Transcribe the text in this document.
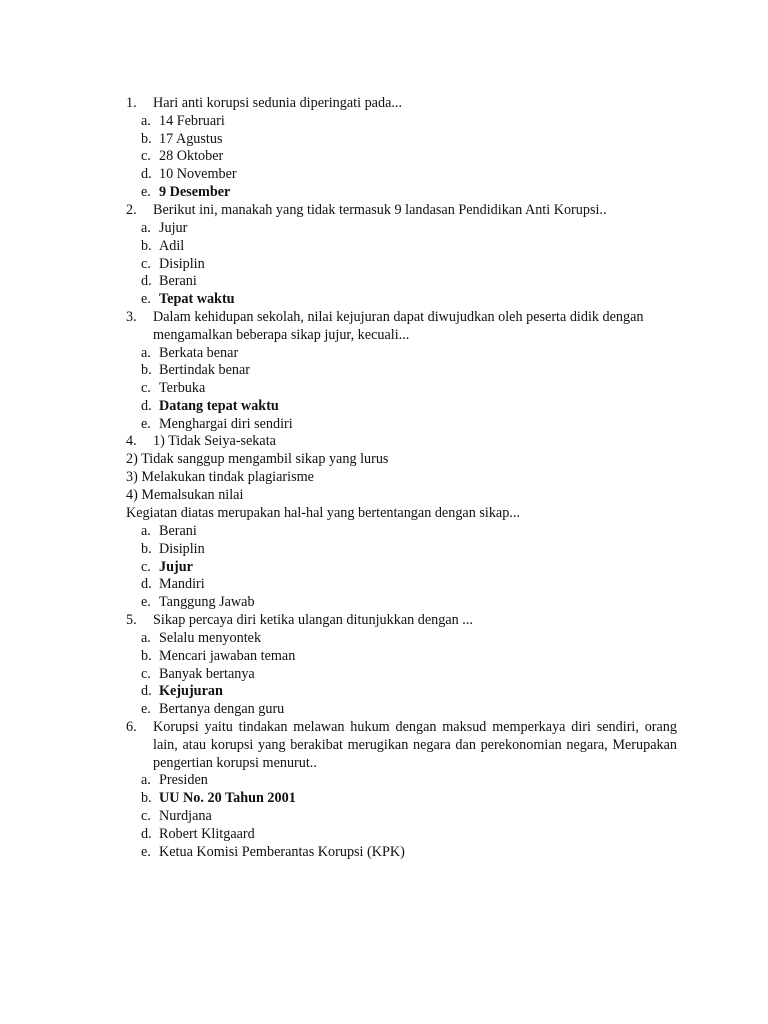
1.	Hari anti korupsi sedunia diperingati pada...
a. 14 Februari
b. 17 Agustus
c. 28 Oktober
d. 10 November
e. 9 Desember
2.	Berikut ini, manakah yang tidak termasuk 9 landasan Pendidikan Anti Korupsi..
a. Jujur
b. Adil
c. Disiplin
d. Berani
e. Tepat waktu
3.	Dalam kehidupan sekolah, nilai kejujuran dapat diwujudkan oleh peserta didik dengan
mengamalkan beberapa sikap jujur, kecuali...
a. Berkata benar
b. Bertindak benar
c. Terbuka
d. Datang tepat waktu
e. Menghargai diri sendiri
4.	1) Tidak Seiya-sekata
2) Tidak sanggup mengambil sikap yang lurus
3) Melakukan tindak plagiarisme
4) Memalsukan nilai
Kegiatan diatas merupakan hal-hal yang bertentangan dengan sikap...
a. Berani
b. Disiplin
c. Jujur
d. Mandiri
e. Tanggung Jawab
5.	Sikap percaya diri ketika ulangan ditunjukkan dengan ...
a. Selalu menyontek
b. Mencari jawaban teman
c. Banyak bertanya
d. Kejujuran
e. Bertanya dengan guru
6.	Korupsi yaitu tindakan melawan hukum dengan maksud memperkaya diri sendiri, orang lain, atau korupsi yang berakibat merugikan negara dan perekonomian negara, Merupakan pengertian korupsi menurut..
a. Presiden
b. UU No. 20 Tahun 2001
c. Nurdjana
d. Robert Klitgaard
e. Ketua Komisi Pemberantas Korupsi (KPK)
